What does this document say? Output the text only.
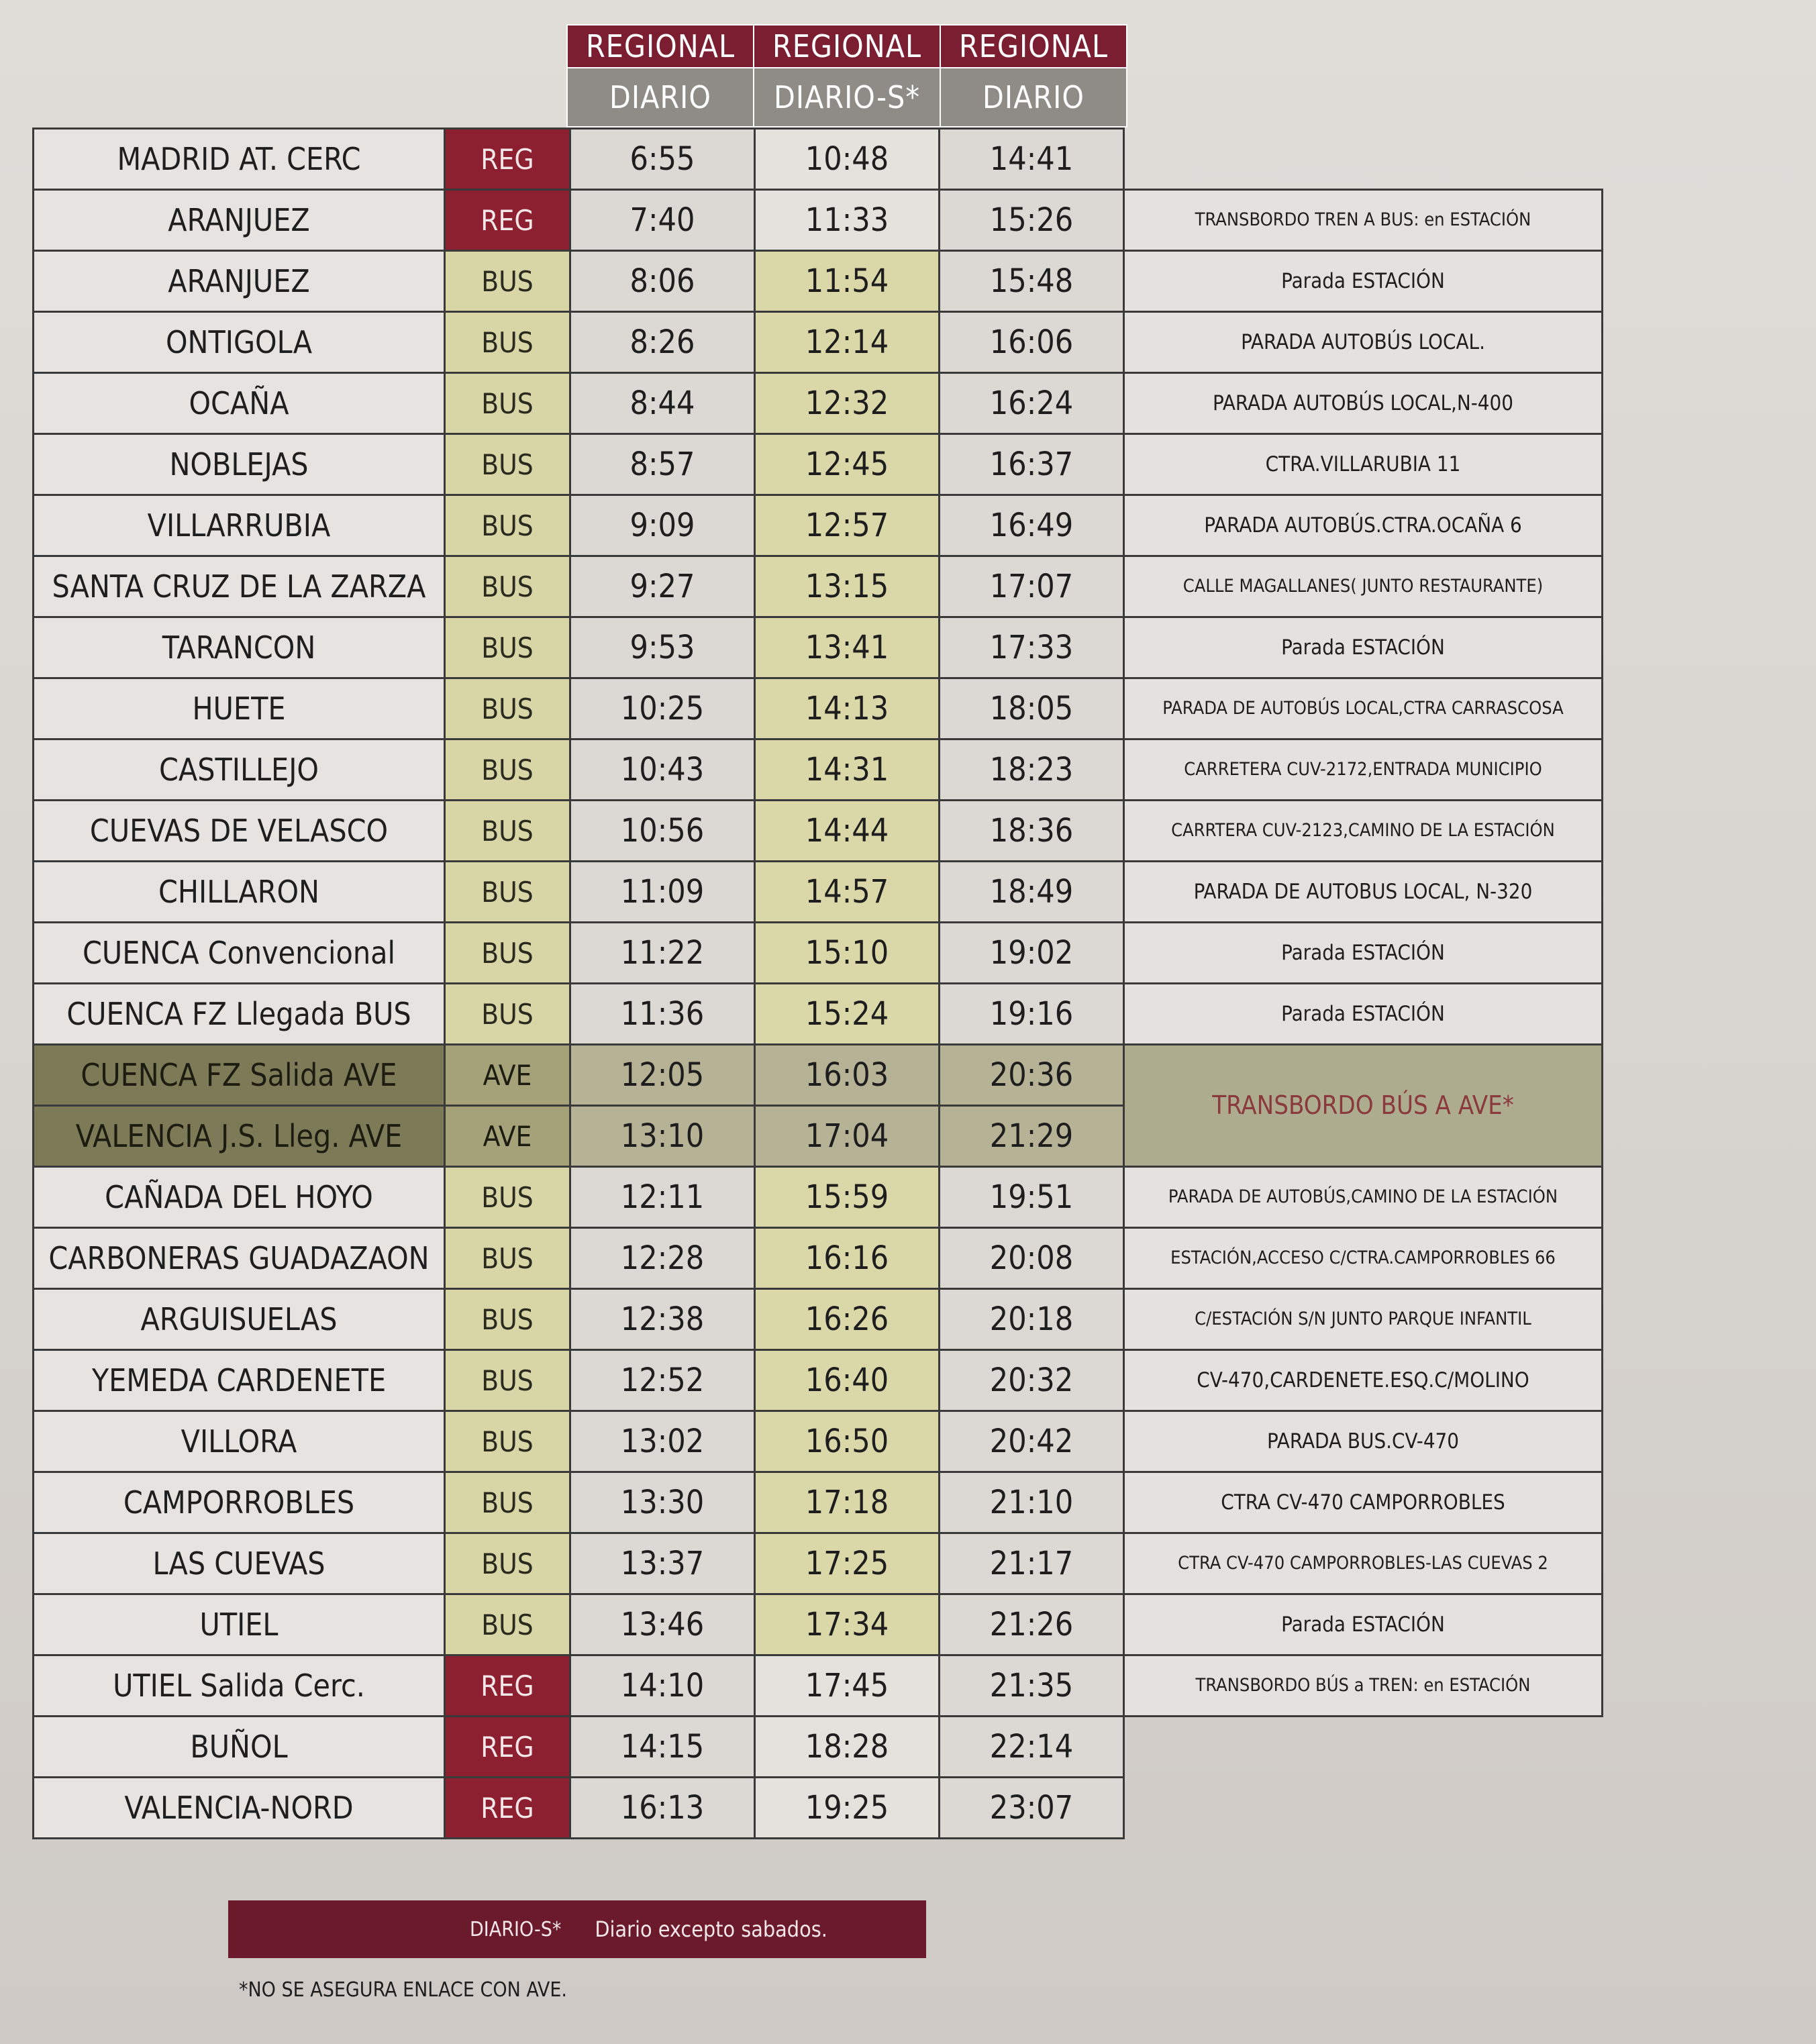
REGIONAL	REGIONAL	REGIONAL
DIARIO	DIARIO-S*	DIARIO
MADRID AT. CERC	REG	6:55	10:48	14:41	
ARANJUEZ	REG	7:40	11:33	15:26	TRANSBORDO TREN A BUS: en ESTACIÓN
ARANJUEZ	BUS	8:06	11:54	15:48	Parada ESTACIÓN
ONTIGOLA	BUS	8:26	12:14	16:06	PARADA AUTOBÚS LOCAL.
OCAÑA	BUS	8:44	12:32	16:24	PARADA AUTOBÚS LOCAL,N-400
NOBLEJAS	BUS	8:57	12:45	16:37	CTRA.VILLARUBIA 11
VILLARRUBIA	BUS	9:09	12:57	16:49	PARADA AUTOBÚS.CTRA.OCAÑA 6
SANTA CRUZ DE LA ZARZA	BUS	9:27	13:15	17:07	CALLE MAGALLANES( JUNTO RESTAURANTE)
TARANCON	BUS	9:53	13:41	17:33	Parada ESTACIÓN
HUETE	BUS	10:25	14:13	18:05	PARADA DE AUTOBÚS LOCAL,CTRA CARRASCOSA
CASTILLEJO	BUS	10:43	14:31	18:23	CARRETERA CUV-2172,ENTRADA MUNICIPIO
CUEVAS DE VELASCO	BUS	10:56	14:44	18:36	CARRTERA CUV-2123,CAMINO DE LA ESTACIÓN
CHILLARON	BUS	11:09	14:57	18:49	PARADA DE AUTOBUS LOCAL, N-320
CUENCA Convencional	BUS	11:22	15:10	19:02	Parada ESTACIÓN
CUENCA FZ Llegada BUS	BUS	11:36	15:24	19:16	Parada ESTACIÓN
CUENCA FZ Salida AVE	AVE	12:05	16:03	20:36	TRANSBORDO BÚS A AVE*
VALENCIA J.S. Lleg. AVE	AVE	13:10	17:04	21:29	
CAÑADA DEL HOYO	BUS	12:11	15:59	19:51	PARADA DE AUTOBÚS,CAMINO DE LA ESTACIÓN
CARBONERAS GUADAZAON	BUS	12:28	16:16	20:08	ESTACIÓN,ACCESO C/CTRA.CAMPORROBLES 66
ARGUISUELAS	BUS	12:38	16:26	20:18	C/ESTACIÓN S/N JUNTO PARQUE INFANTIL
YEMEDA CARDENETE	BUS	12:52	16:40	20:32	CV-470,CARDENETE.ESQ.C/MOLINO
VILLORA	BUS	13:02	16:50	20:42	PARADA BUS.CV-470
CAMPORROBLES	BUS	13:30	17:18	21:10	CTRA CV-470 CAMPORROBLES
LAS CUEVAS	BUS	13:37	17:25	21:17	CTRA CV-470 CAMPORROBLES-LAS CUEVAS 2
UTIEL	BUS	13:46	17:34	21:26	Parada ESTACIÓN
UTIEL Salida Cerc.	REG	14:10	17:45	21:35	TRANSBORDO BÚS a TREN: en ESTACIÓN
BUÑOL	REG	14:15	18:28	22:14	
VALENCIA-NORD	REG	16:13	19:25	23:07	
DIARIO-S* Diario excepto sabados.
*NO SE ASEGURA ENLACE CON AVE.
